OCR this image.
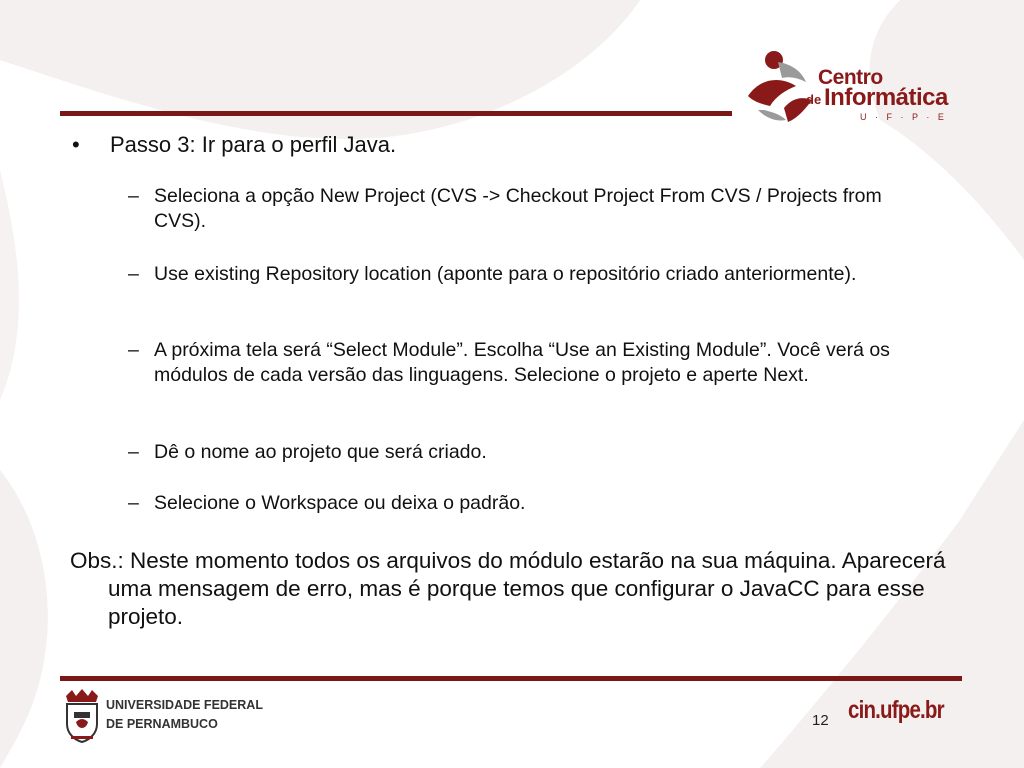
Centro
de Informática
U · F · P · E
• Passo 3: Ir para o perfil Java.
– Seleciona a opção New Project (CVS -> Checkout Project From CVS / Projects from CVS).
– Use existing Repository location (aponte para o repositório criado anteriormente).
– A próxima tela será “Select Module”. Escolha “Use an Existing Module”. Você verá os módulos de cada versão das linguagens. Selecione o projeto e aperte Next.
– Dê o nome ao projeto que será criado.
– Selecione o Workspace ou deixa o padrão.
Obs.: Neste momento todos os arquivos do módulo estarão na sua máquina. Aparecerá uma mensagem de erro, mas é porque temos que configurar o JavaCC para esse projeto.
UNIVERSIDADE FEDERAL
DE PERNAMBUCO	12 cin.ufpe.br
